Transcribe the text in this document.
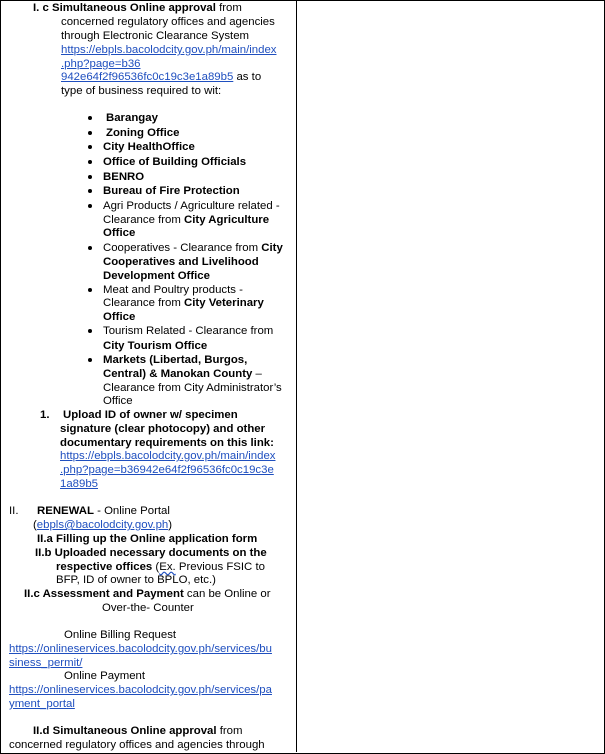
I. c Simultaneous Online approval from
concerned regulatory offices and agencies
through Electronic Clearance System
https://ebpls.bacolodcity.gov.ph/main/index
.php?page=b36
942e64f2f96536fc0c19c3e1a89b5 as to
type of business required to wit:
Barangay
Zoning Office
City HealthOffice
Office of Building Officials
BENRO
Bureau of Fire Protection
Agri Products / Agriculture related -
Clearance from City Agriculture
Office
Cooperatives - Clearance from City
Cooperatives and Livelihood
Development Office
Meat and Poultry products -
Clearance from City Veterinary
Office
Tourism Related - Clearance from
City Tourism Office
Markets (Libertad, Burgos,
Central) & Manokan County –
Clearance from City Administrator’s
Office
1. Upload ID of owner w/ specimen
signature (clear photocopy) and other
documentary requirements on this link:
https://ebpls.bacolodcity.gov.ph/main/index
.php?page=b36942e64f2f96536fc0c19c3e
1a89b5
II. RENEWAL - Online Portal
(ebpls@bacolodcity.gov.ph)
II.a Filling up the Online application form
II.b Uploaded necessary documents on the
respective offices (Ex. Previous FSIC to
BFP, ID of owner to BPLO, etc.)
II.c Assessment and Payment can be Online or
Over-the- Counter
Online Billing Request
https://onlineservices.bacolodcity.gov.ph/services/bu
siness_permit/
Online Payment
https://onlineservices.bacolodcity.gov.ph/services/pa
yment_portal
II.d Simultaneous Online approval from
concerned regulatory offices and agencies through
